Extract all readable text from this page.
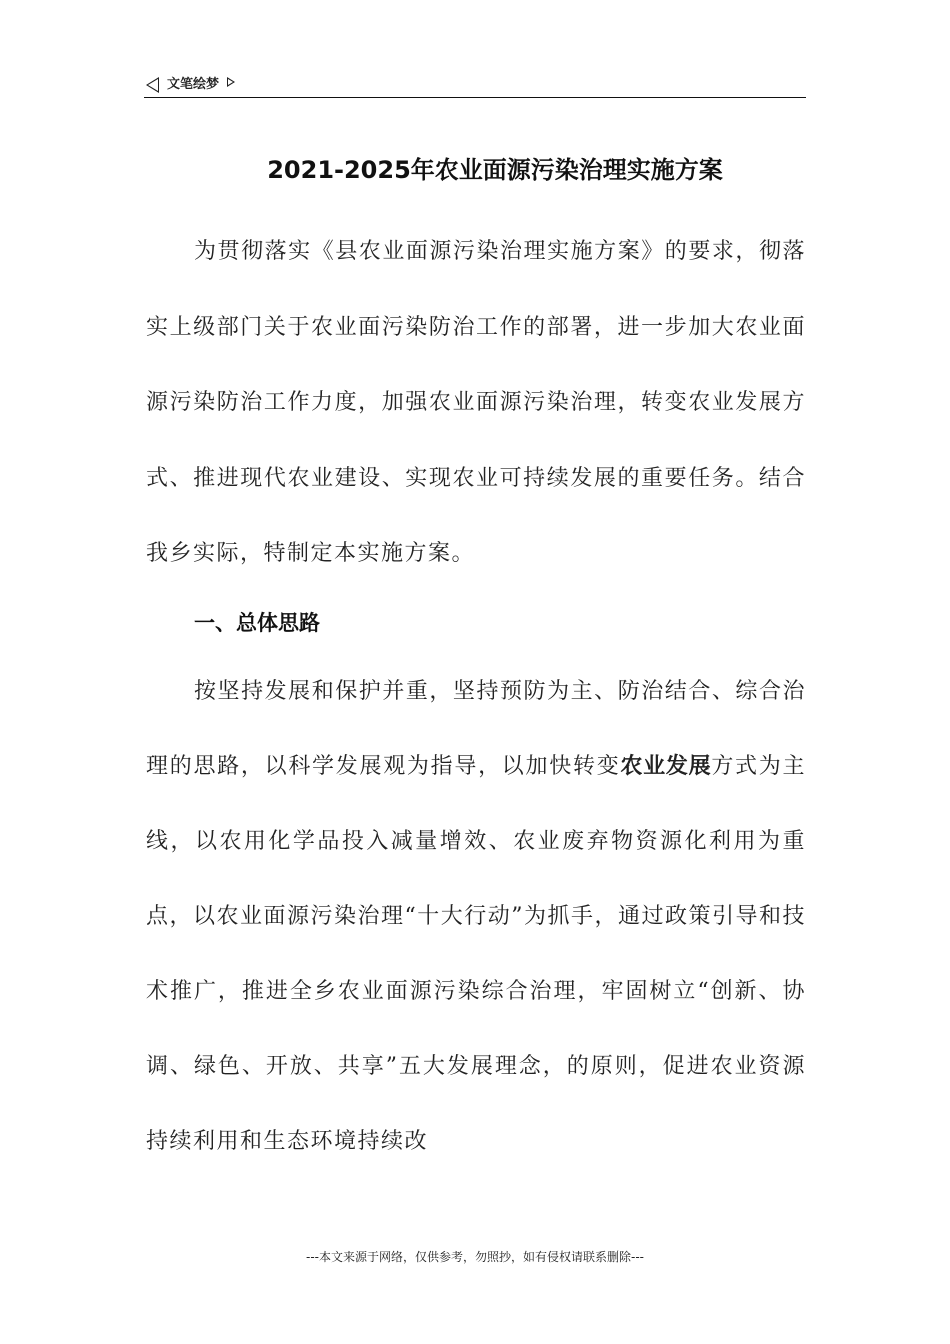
文笔绘梦
2021-2025年农业面源污染治理实施方案

为贯彻落实《县农业面源污染治理实施方案》的要求，彻落实上级部门关于农业面污染防治工作的部署，进一步加大农业面源污染防治工作力度，加强农业面源污染治理，转变农业发展方式、推进现代农业建设、实现农业可持续发展的重要任务。结合我乡实际，特制定本实施方案。

一、总体思路

按坚持发展和保护并重，坚持预防为主、防治结合、综合治理的思路，以科学发展观为指导，以加快转变农业发展方式为主线，以农用化学品投入减量增效、农业废弃物资源化利用为重点，以农业面源污染治理“十大行动”为抓手，通过政策引导和技术推广，推进全乡农业面源污染综合治理，牢固树立“创新、协调、绿色、开放、共享”五大发展理念，的原则，促进农业资源持续利用和生态环境持续改

---本文来源于网络，仅供参考，勿照抄，如有侵权请联系删除---
